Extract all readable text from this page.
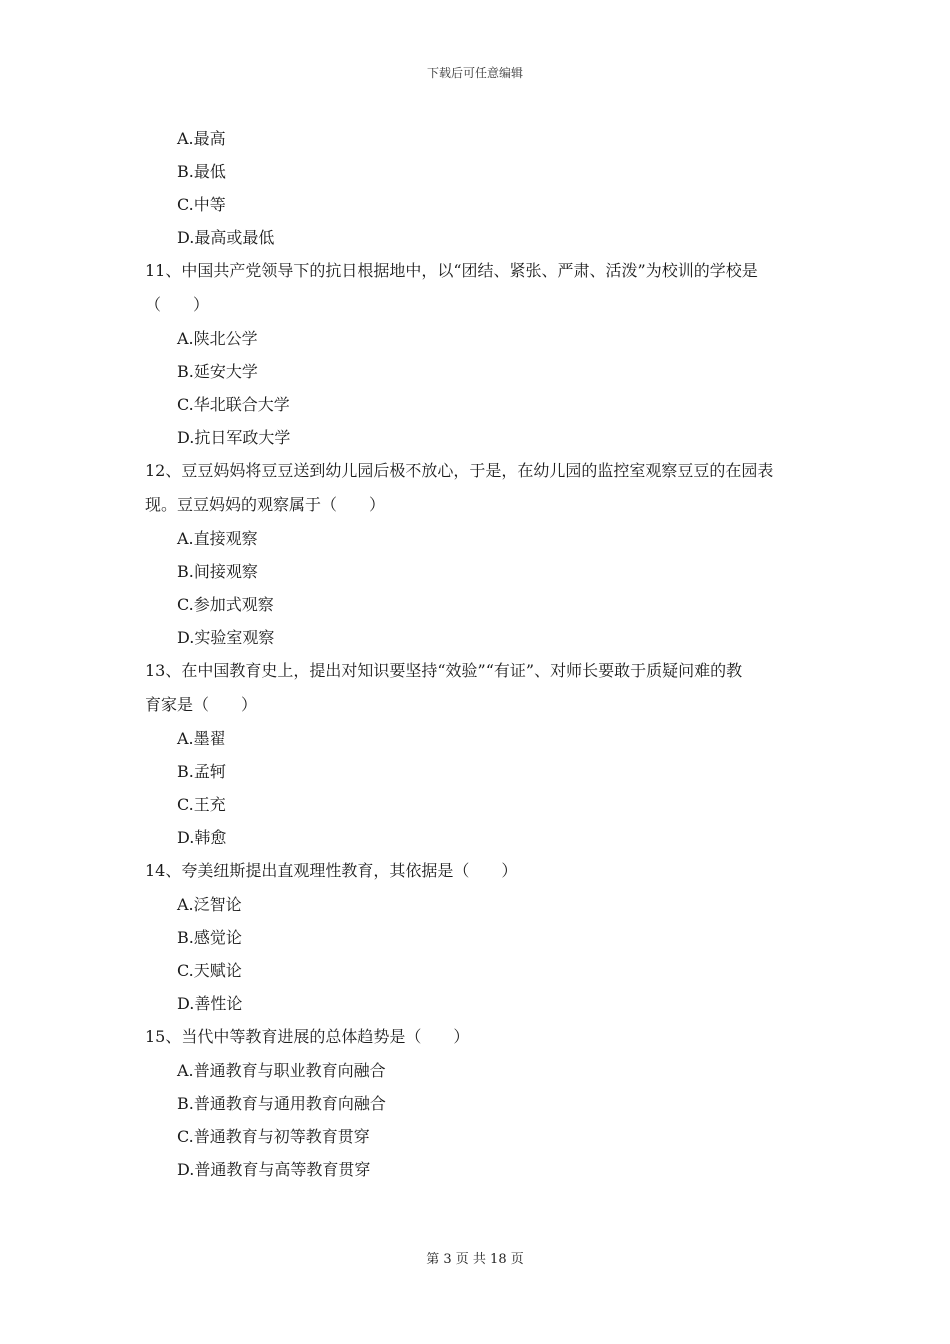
下载后可任意编辑
A.最高
B.最低
C.中等
D.最高或最低
11、中国共产党领导下的抗日根据地中，以“团结、紧张、严肃、活泼”为校训的学校是
（　　）
A.陕北公学
B.延安大学
C.华北联合大学
D.抗日军政大学
12、豆豆妈妈将豆豆送到幼儿园后极不放心，于是，在幼儿园的监控室观察豆豆的在园表
现。豆豆妈妈的观察属于（　　）
A.直接观察
B.间接观察
C.参加式观察
D.实验室观察
13、在中国教育史上，提出对知识要坚持“效验”“有证”、对师长要敢于质疑问难的教
育家是（　　）
A.墨翟
B.孟轲
C.王充
D.韩愈
14、夸美纽斯提出直观理性教育，其依据是（　　）
A.泛智论
B.感觉论
C.天赋论
D.善性论
15、当代中等教育进展的总体趋势是（　　）
A.普通教育与职业教育向融合
B.普通教育与通用教育向融合
C.普通教育与初等教育贯穿
D.普通教育与高等教育贯穿
第 3 页 共 18 页
